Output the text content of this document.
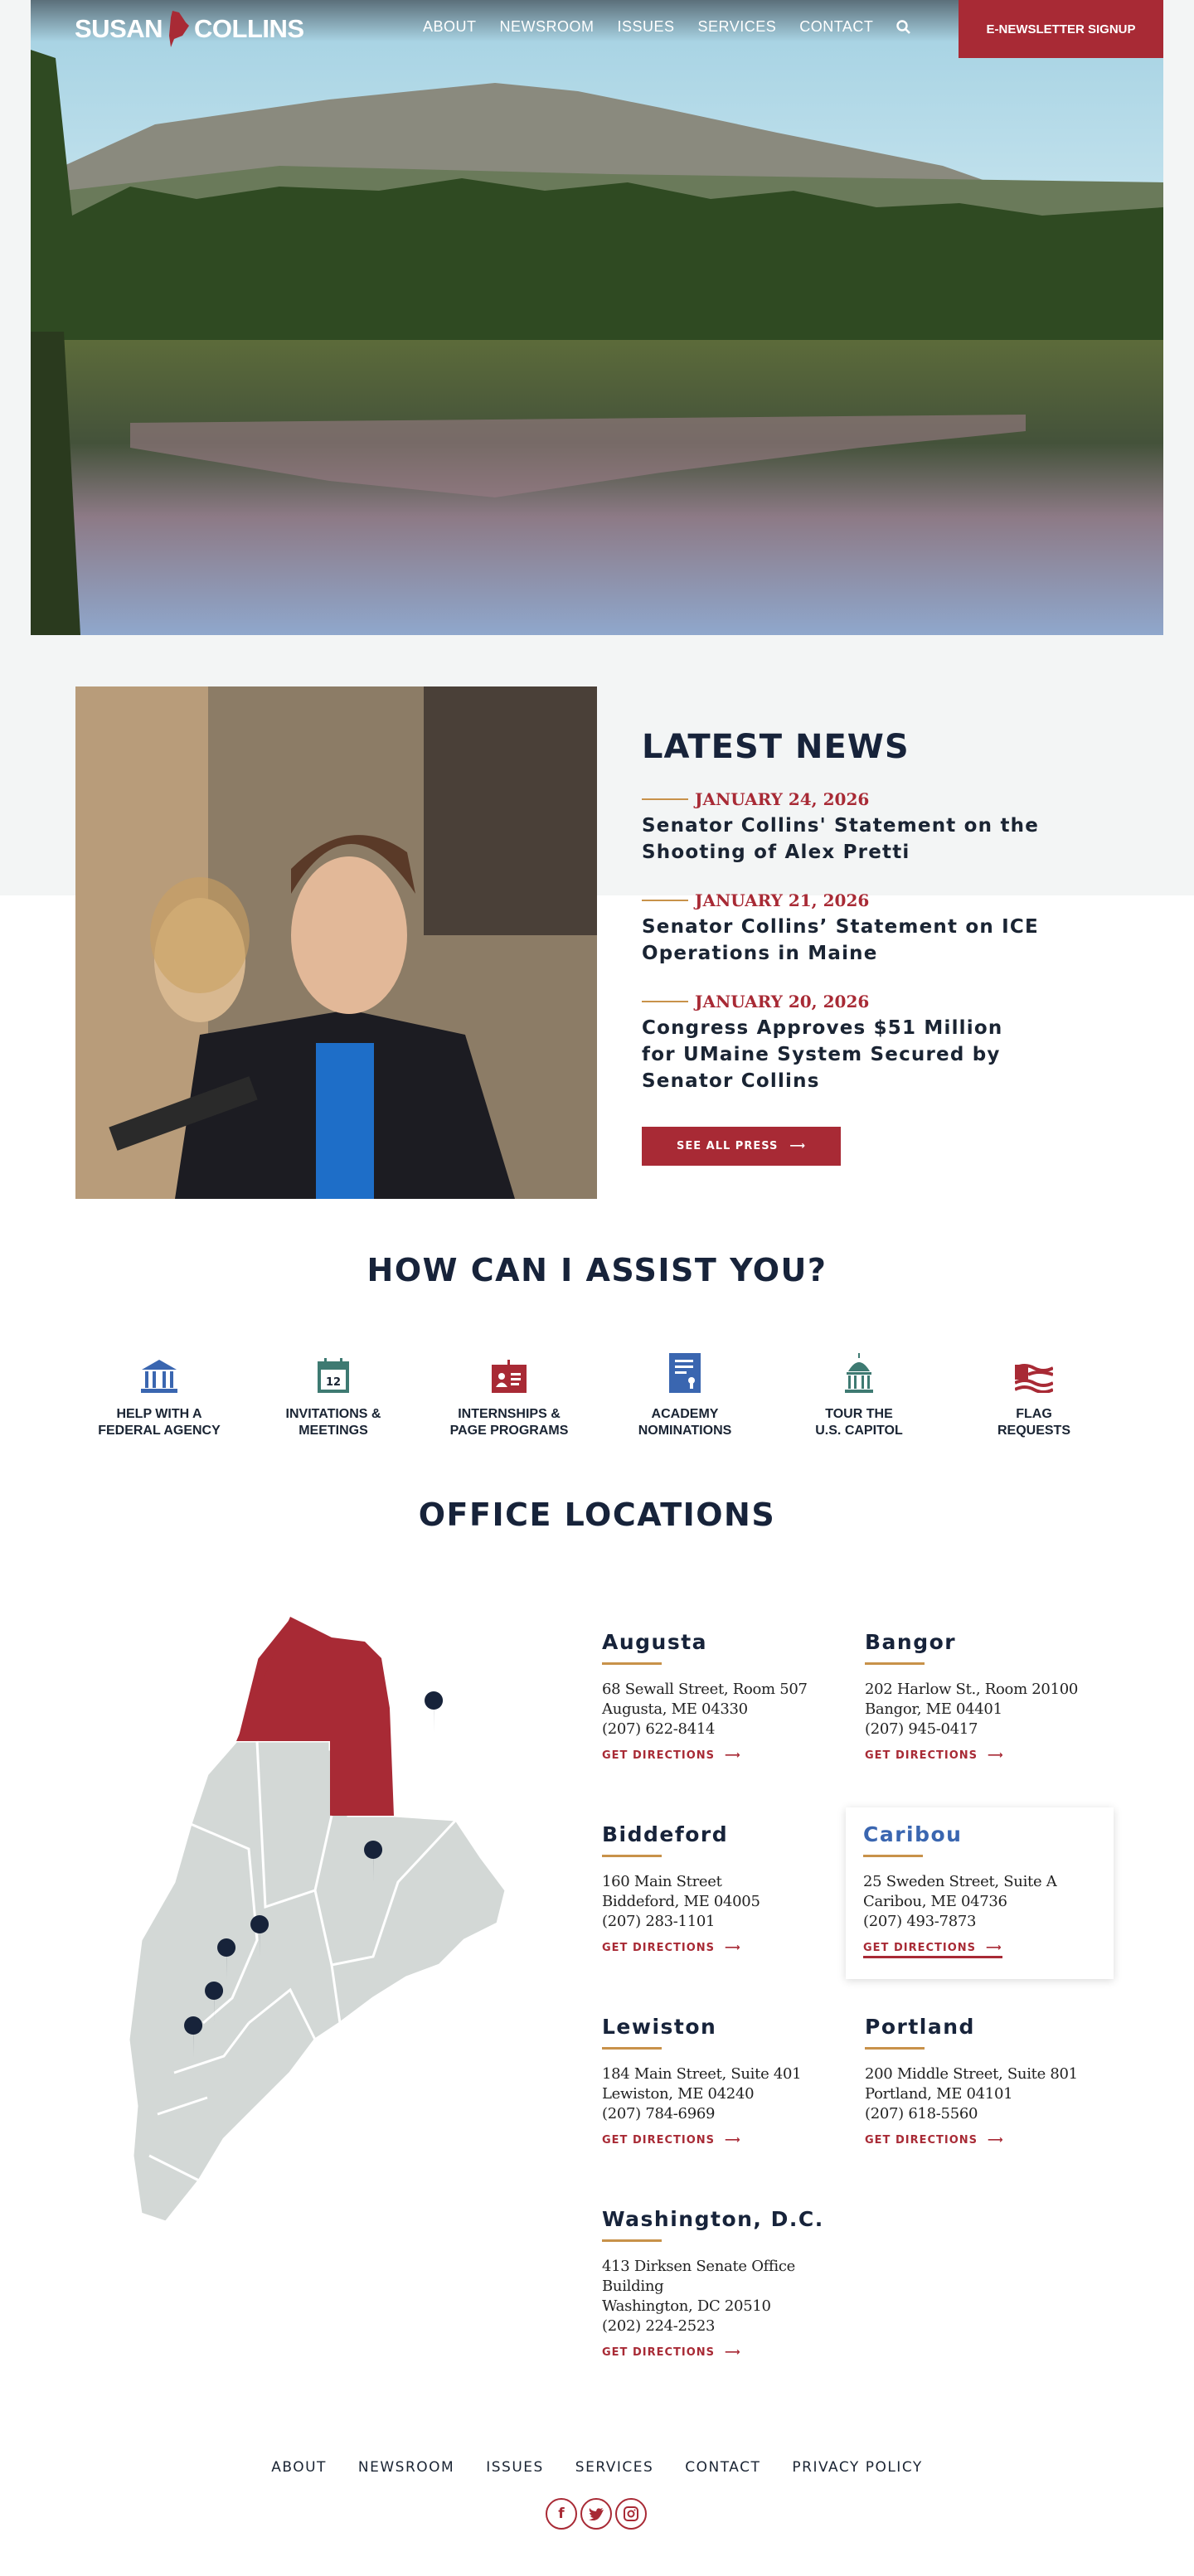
SUSAN COLLINS	ABOUT NEWSROOM ISSUES SERVICES CONTACT	E-NEWSLETTER SIGNUP
LATEST NEWS
JANUARY 24, 2026
Senator Collins' Statement on the Shooting of Alex Pretti
JANUARY 21, 2026
Senator Collins’ Statement on ICE Operations in Maine
JANUARY 20, 2026
Congress Approves $51 Million for UMaine System Secured by Senator Collins
SEE ALL PRESS ⟶
HOW CAN I ASSIST YOU?
HELP WITH A
FEDERAL AGENCY
12
INVITATIONS &
MEETINGS
INTERNSHIPS &
PAGE PROGRAMS
ACADEMY
NOMINATIONS
TOUR THE
U.S. CAPITOL
FLAG
REQUESTS
OFFICE LOCATIONS
Augusta

68 Sewall Street, Room 507
Augusta, ME 04330
(207) 622-8414

GET DIRECTIONS ⟶
Bangor

202 Harlow St., Room 20100
Bangor, ME 04401
(207) 945-0417

GET DIRECTIONS ⟶
Biddeford

160 Main Street
Biddeford, ME 04005
(207) 283-1101

GET DIRECTIONS ⟶
Caribou

25 Sweden Street, Suite A
Caribou, ME 04736
(207) 493-7873

GET DIRECTIONS ⟶
Lewiston

184 Main Street, Suite 401
Lewiston, ME 04240
(207) 784-6969

GET DIRECTIONS ⟶
Portland

200 Middle Street, Suite 801
Portland, ME 04101
(207) 618-5560

GET DIRECTIONS ⟶
Washington, D.C.

413 Dirksen Senate Office
Building
Washington, DC 20510
(202) 224-2523

GET DIRECTIONS ⟶
ABOUT NEWSROOM ISSUES SERVICES CONTACT PRIVACY POLICY
f
